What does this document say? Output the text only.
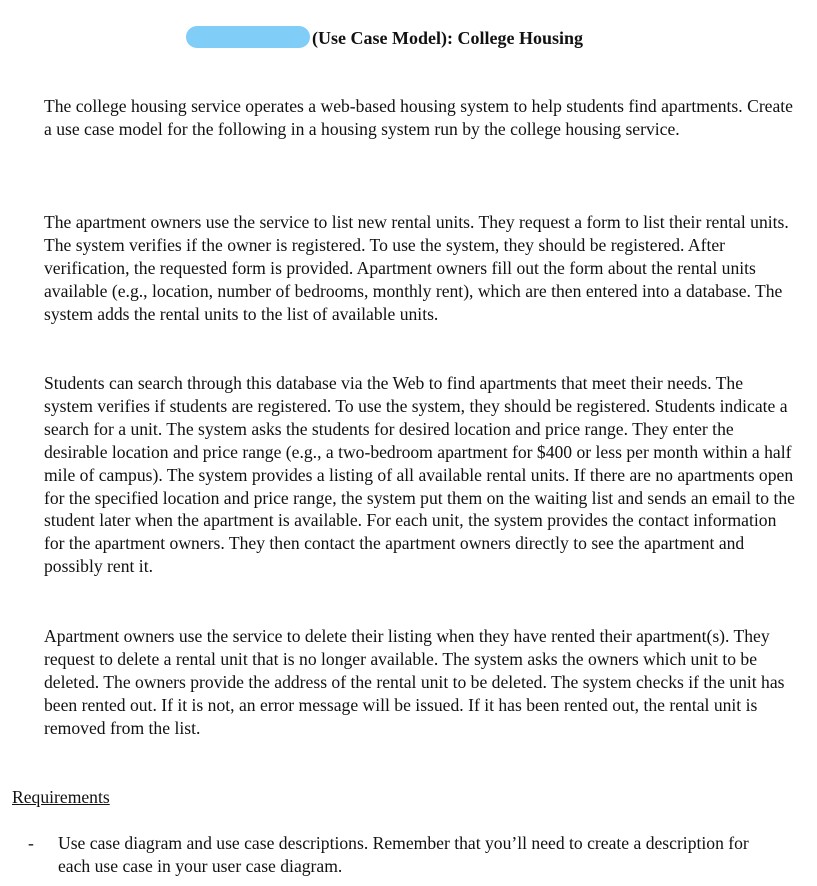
(Use Case Model): College Housing

The college housing service operates a web-based housing system to help students find apartments. Create a use case model for the following in a housing system run by the college housing service.

The apartment owners use the service to list new rental units. They request a form to list their rental units. The system verifies if the owner is registered. To use the system, they should be registered. After verification, the requested form is provided. Apartment owners fill out the form about the rental units available (e.g., location, number of bedrooms, monthly rent), which are then entered into a database. The system adds the rental units to the list of available units.

Students can search through this database via the Web to find apartments that meet their needs. The system verifies if students are registered. To use the system, they should be registered. Students indicate a search for a unit. The system asks the students for desired location and price range. They enter the desirable location and price range (e.g., a two-bedroom apartment for $400 or less per month within a half mile of campus). The system provides a listing of all available rental units. If there are no apartments open for the specified location and price range, the system put them on the waiting list and sends an email to the student later when the apartment is available. For each unit, the system provides the contact information for the apartment owners. They then contact the apartment owners directly to see the apartment and possibly rent it.

Apartment owners use the service to delete their listing when they have rented their apartment(s). They request to delete a rental unit that is no longer available. The system asks the owners which unit to be deleted. The owners provide the address of the rental unit to be deleted. The system checks if the unit has been rented out. If it is not, an error message will be issued. If it has been rented out, the rental unit is removed from the list.

Requirements

- Use case diagram and use case descriptions. Remember that you’ll need to create a description for each use case in your user case diagram.
